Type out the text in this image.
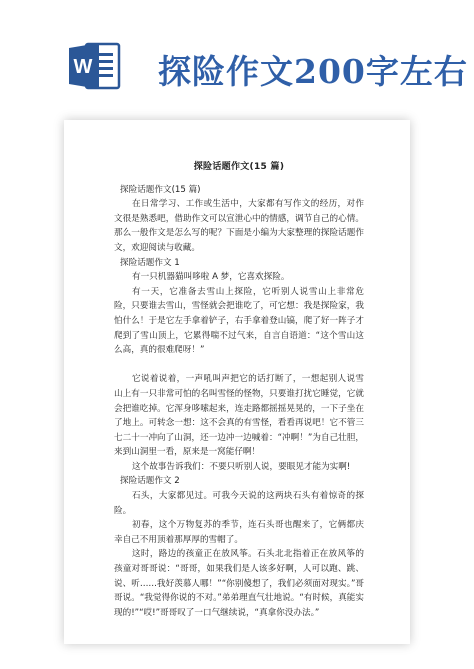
W 探险作文200字左右
探险话题作文(15 篇)

探险话题作文(15 篇)

在日常学习、工作或生活中，大家都有写作文的经历，对作文很是熟悉吧，借助作文可以宣泄心中的情感，调节自己的心情。那么一般作文是怎么写的呢？下面是小编为大家整理的探险话题作文，欢迎阅读与收藏。

探险话题作文 1

有一只机器猫叫哆啦 A 梦，它喜欢探险。

有一天，它准备去雪山上探险，它听别人说雪山上非常危险，只要谁去雪山，雪怪就会把谁吃了，可它想：我是探险家，我怕什么！于是它左手拿着铲子，右手拿着登山镐，爬了好一阵子才爬到了雪山顶上，它累得喘不过气来，自言自语道：“这个雪山这么高，真的很难爬呀！”

它说着说着，一声吼叫声把它的话打断了，一想起别人说雪山上有一只非常可怕的名叫雪怪的怪物，只要谁打扰它睡觉，它就会把谁吃掉。它浑身哆嗦起来，连走路都摇摇晃晃的，一下子坐在了地上。可转念一想：这不会真的有雪怪，看看再说吧！它不管三七二十一冲向了山洞，还一边冲一边喊着：“冲啊！”为自己壮胆，来到山洞里一看，原来是一窝能仔啊！

这个故事告诉我们：不要只听别人说，要眼见才能为实啊!

探险话题作文 2

石头，大家都见过。可我今天说的这两块石头有着惊奇的探险。

初春，这个万物复苏的季节，连石头哥也醒来了，它俩都庆幸自己不用顶着那厚厚的雪帽了。

这时，路边的孩童正在放风筝。石头北北指着正在放风筝的孩童对哥哥说：“哥哥，如果我们是人该多好啊，人可以跑、跳、说、听……我好羡慕人哪！”“你别傻想了，我们必须面对现实。”哥哥说。“我觉得你说的不对。”弟弟理直气壮地说。“有时候，真能实现的!”“哎!”哥哥叹了一口气继续说，“真拿你没办法。”
